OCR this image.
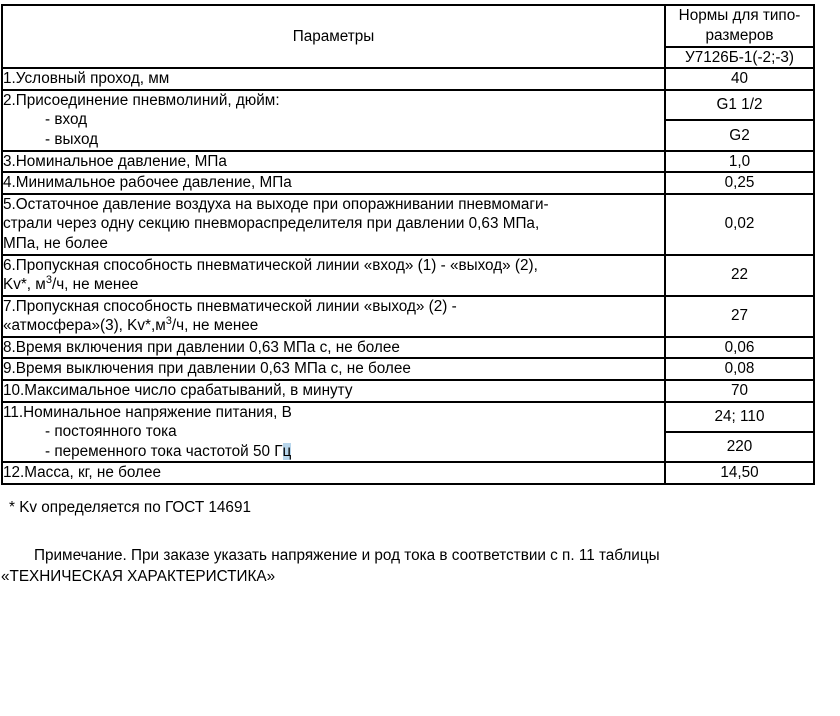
Параметры	Нормы для типо-
размеров
	У7126Б-1(-2;-3)
1.Условный проход, мм	40

2.Присоединение пневмолиний, дюйм:
- вход
- выход	G1 1/2
	G2
3.Номинальное давление, МПа	1,0
4.Минимальное рабочее давление, МПа	0,25

5.Остаточное давление воздуха на выходе при опоражнивании пневмомаги-
страли через одну секцию пневмораспределителя при давлении 0,63 МПа,
МПа, не более	0,02

6.Пропускная способность пневматической линии «вход» (1) - «выход» (2),
Kv*, $м^3/ч$, не менее	22

7.Пропускная способность пневматической линии «выход» (2) -
«атмосфера»(3), $Kv*,м^3/ч$, не менее	27
8.Время включения при давлении 0,63 МПа с, не более	0,06
9.Время выключения при давлении 0,63 МПа с, не более	0,08
10.Максимальное число срабатываний, в минуту	70

11.Номинальное напряжение питания, В
- постоянного тока
- переменного тока частотой 50 Гц	24; 110
	220
12.Масса, кг, не более	14,50
* Kv определяется по ГОСТ 14691
Примечание. При заказе указать напряжение и род тока в соответствии с п. 11 таблицы
«ТЕХНИЧЕСКАЯ ХАРАКТЕРИСТИКА»
